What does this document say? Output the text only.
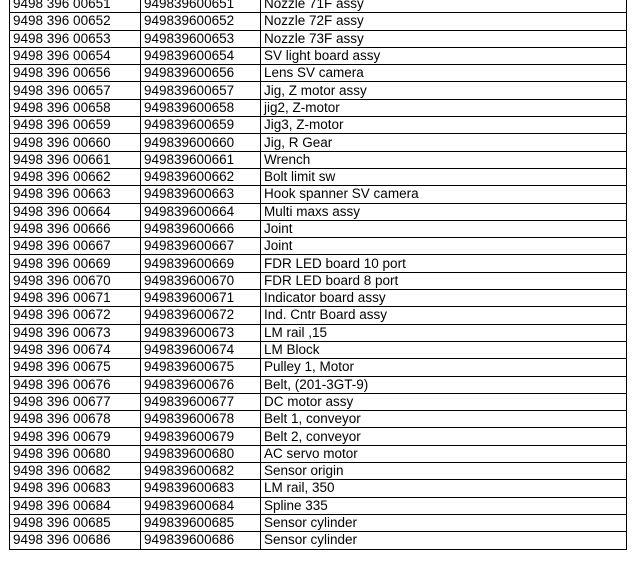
9498 396 00651	949839600651	Nozzle 71F assy
9498 396 00652	949839600652	Nozzle 72F assy
9498 396 00653	949839600653	Nozzle 73F assy
9498 396 00654	949839600654	SV light board assy
9498 396 00656	949839600656	Lens SV camera
9498 396 00657	949839600657	Jig, Z motor assy
9498 396 00658	949839600658	jig2, Z-motor
9498 396 00659	949839600659	Jig3, Z-motor
9498 396 00660	949839600660	Jig, R Gear
9498 396 00661	949839600661	Wrench
9498 396 00662	949839600662	Bolt limit sw
9498 396 00663	949839600663	Hook spanner SV camera
9498 396 00664	949839600664	Multi maxs assy
9498 396 00666	949839600666	Joint
9498 396 00667	949839600667	Joint
9498 396 00669	949839600669	FDR LED board 10 port
9498 396 00670	949839600670	FDR LED board 8 port
9498 396 00671	949839600671	Indicator board assy
9498 396 00672	949839600672	Ind. Cntr Board assy
9498 396 00673	949839600673	LM rail ,15
9498 396 00674	949839600674	LM Block
9498 396 00675	949839600675	Pulley 1, Motor
9498 396 00676	949839600676	Belt, (201-3GT-9)
9498 396 00677	949839600677	DC motor assy
9498 396 00678	949839600678	Belt 1, conveyor
9498 396 00679	949839600679	Belt 2, conveyor
9498 396 00680	949839600680	AC servo motor
9498 396 00682	949839600682	Sensor origin
9498 396 00683	949839600683	LM rail, 350
9498 396 00684	949839600684	Spline 335
9498 396 00685	949839600685	Sensor cylinder
9498 396 00686	949839600686	Sensor cylinder
